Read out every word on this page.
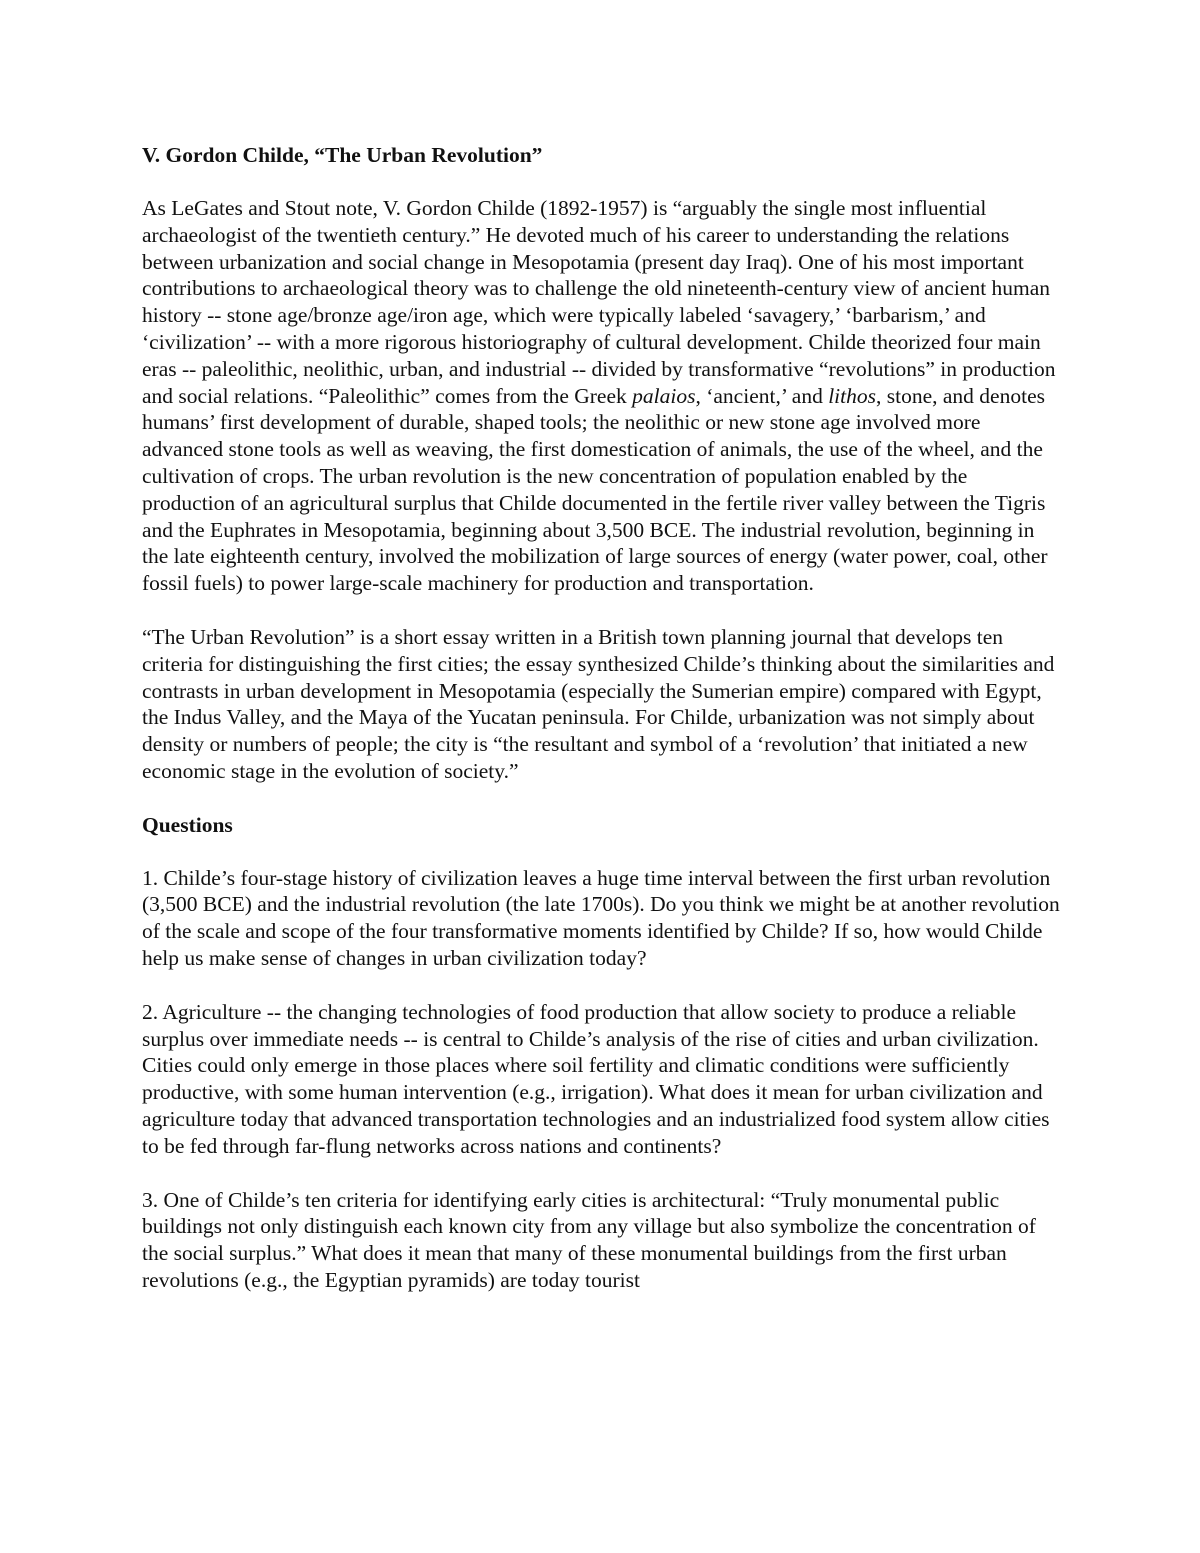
V. Gordon Childe, “The Urban Revolution”
As LeGates and Stout note, V. Gordon Childe (1892-1957) is “arguably the single most influential archaeologist of the twentieth century.” He devoted much of his career to understanding the relations between urbanization and social change in Mesopotamia (present day Iraq). One of his most important contributions to archaeological theory was to challenge the old nineteenth-century view of ancient human history -- stone age/bronze age/iron age, which were typically labeled ‘savagery,’ ‘barbarism,’ and ‘civilization’ -- with a more rigorous historiography of cultural development. Childe theorized four main eras -- paleolithic, neolithic, urban, and industrial -- divided by transformative “revolutions” in production and social relations. “Paleolithic” comes from the Greek palaios, ‘ancient,’ and lithos, stone, and denotes humans’ first development of durable, shaped tools; the neolithic or new stone age involved more advanced stone tools as well as weaving, the first domestication of animals, the use of the wheel, and the cultivation of crops. The urban revolution is the new concentration of population enabled by the production of an agricultural surplus that Childe documented in the fertile river valley between the Tigris and the Euphrates in Mesopotamia, beginning about 3,500 BCE. The industrial revolution, beginning in the late eighteenth century, involved the mobilization of large sources of energy (water power, coal, other fossil fuels) to power large-scale machinery for production and transportation.
“The Urban Revolution” is a short essay written in a British town planning journal that develops ten criteria for distinguishing the first cities; the essay synthesized Childe’s thinking about the similarities and contrasts in urban development in Mesopotamia (especially the Sumerian empire) compared with Egypt, the Indus Valley, and the Maya of the Yucatan peninsula. For Childe, urbanization was not simply about density or numbers of people; the city is “the resultant and symbol of a ‘revolution’ that initiated a new economic stage in the evolution of society.”
Questions
1. Childe’s four-stage history of civilization leaves a huge time interval between the first urban revolution (3,500 BCE) and the industrial revolution (the late 1700s). Do you think we might be at another revolution of the scale and scope of the four transformative moments identified by Childe? If so, how would Childe help us make sense of changes in urban civilization today?
2. Agriculture -- the changing technologies of food production that allow society to produce a reliable surplus over immediate needs -- is central to Childe’s analysis of the rise of cities and urban civilization. Cities could only emerge in those places where soil fertility and climatic conditions were sufficiently productive, with some human intervention (e.g., irrigation). What does it mean for urban civilization and agriculture today that advanced transportation technologies and an industrialized food system allow cities to be fed through far-flung networks across nations and continents?
3. One of Childe’s ten criteria for identifying early cities is architectural: “Truly monumental public buildings not only distinguish each known city from any village but also symbolize the concentration of the social surplus.” What does it mean that many of these monumental buildings from the first urban revolutions (e.g., the Egyptian pyramids) are today tourist
